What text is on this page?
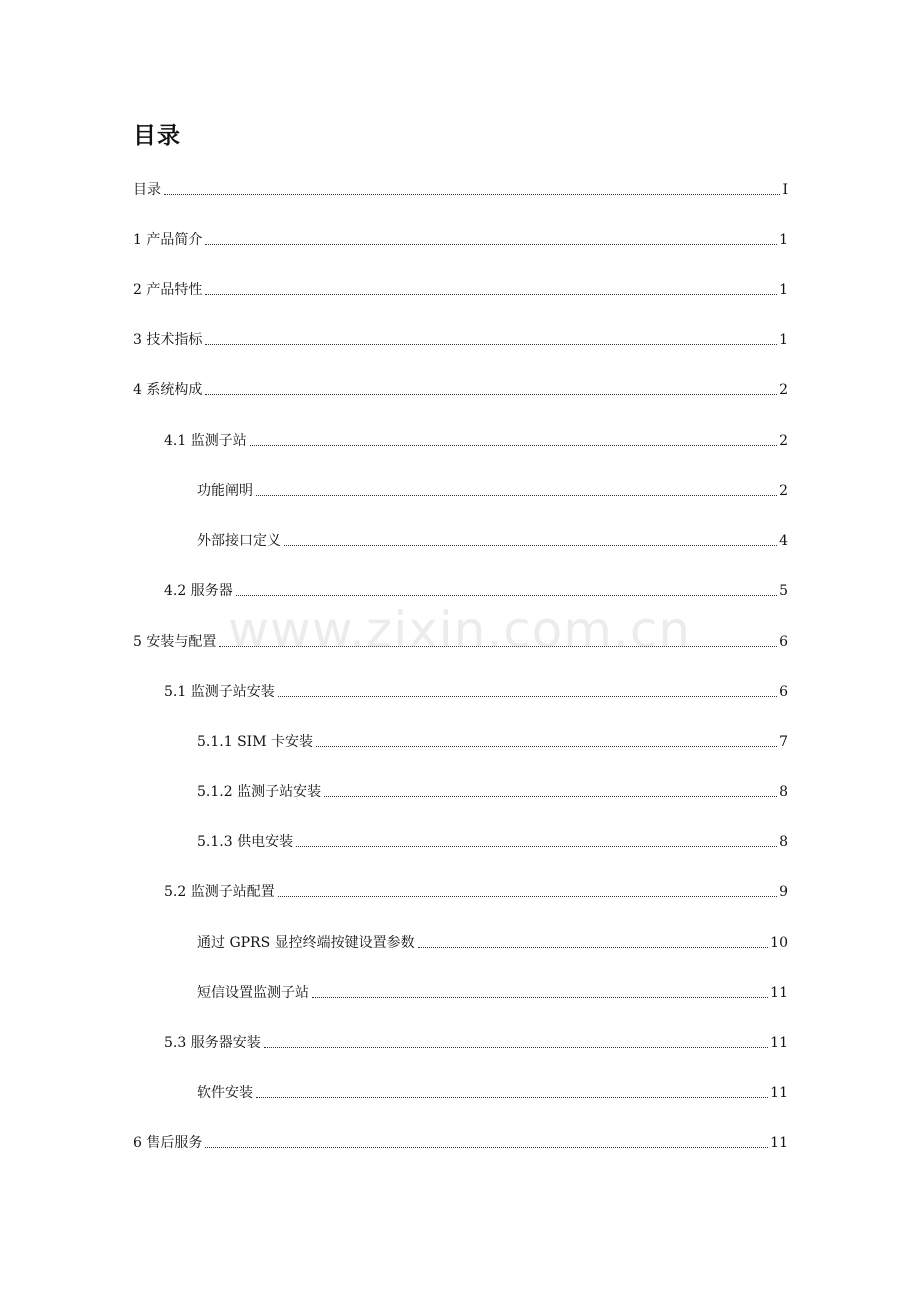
目录
目录	I
1 产品简介	1
2 产品特性	1
3 技术指标	1
4 系统构成	2
4.1 监测子站	2
功能阐明	2
外部接口定义	4
4.2 服务器	5
5 安装与配置	6
5.1 监测子站安装	6
5.1.1 SIM 卡安装	7
5.1.2 监测子站安装	8
5.1.3 供电安装	8
5.2 监测子站配置	9
通过 GPRS 显控终端按键设置参数	10
短信设置监测子站	11
5.3 服务器安装	11
软件安装	11
6 售后服务	11
www.zixin.com.cn
